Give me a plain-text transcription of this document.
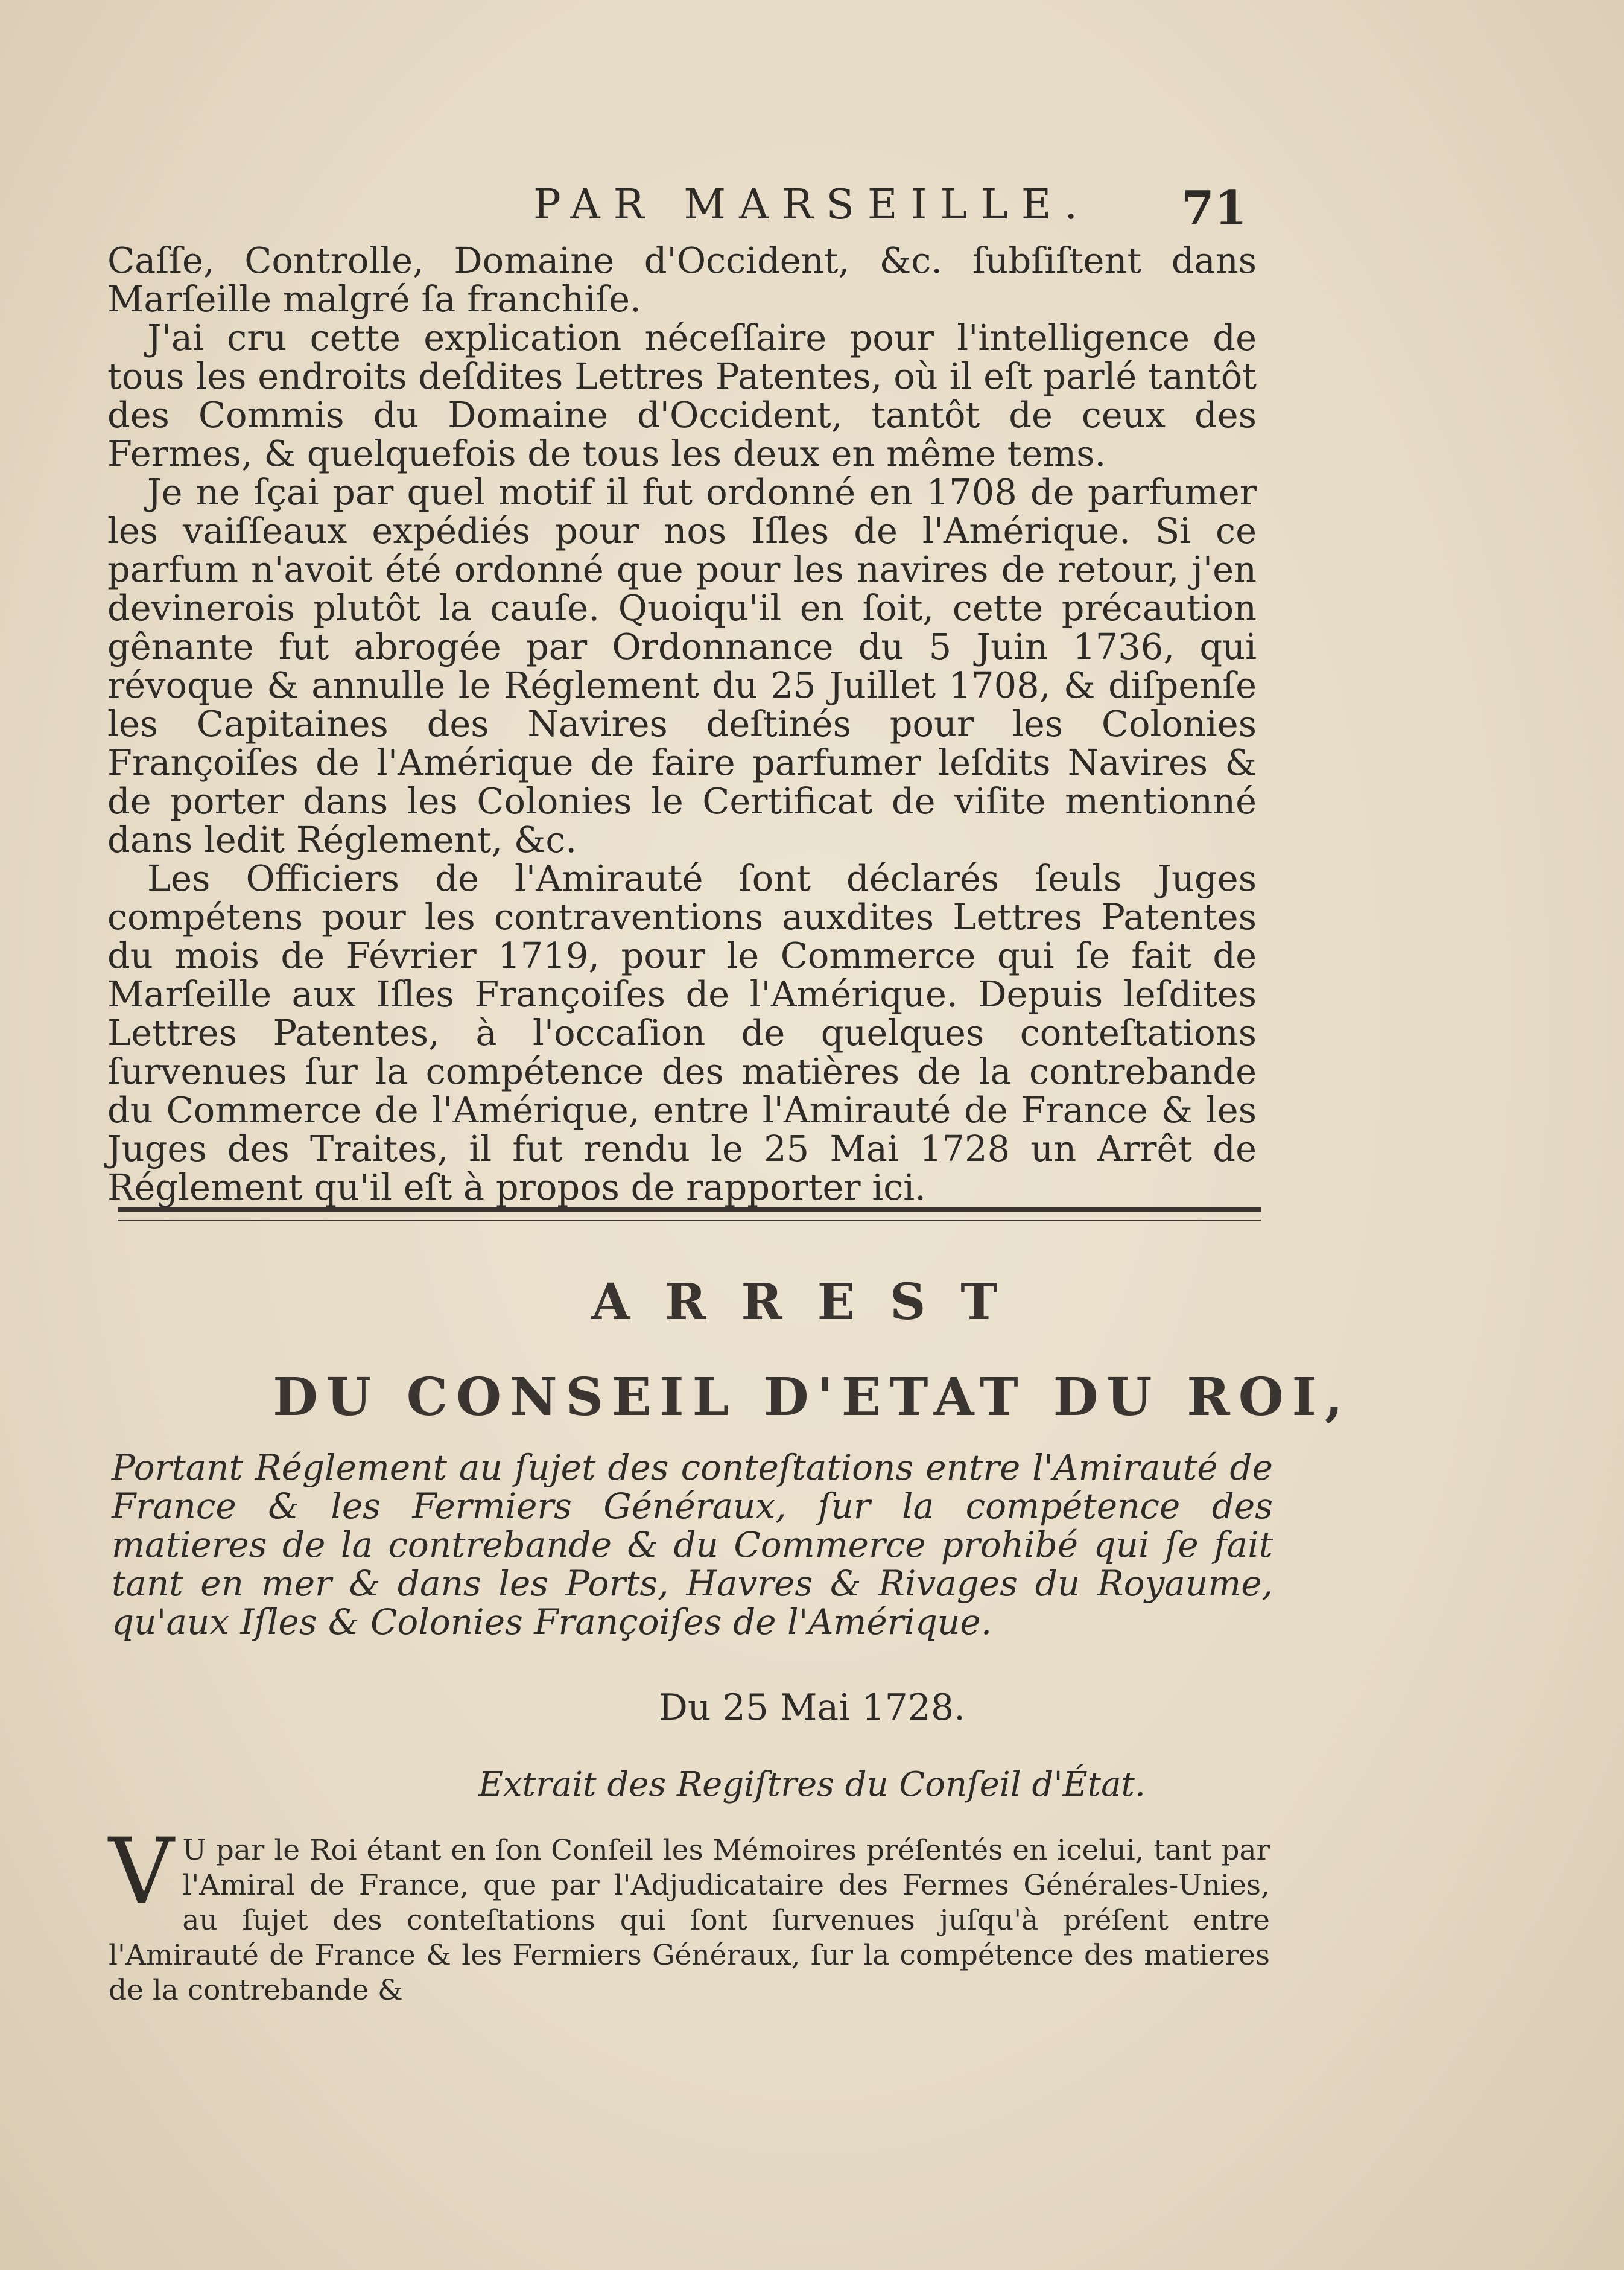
PAR MARSEILLE.	71

Caſſe, Controlle, Domaine d'Occident, &c. ſubſiſtent dans Marſeille malgré ſa franchiſe.

J'ai cru cette explication néceſſaire pour l'intelligence de tous les endroits deſdites Lettres Patentes, où il eſt parlé tantôt des Commis du Domaine d'Occident, tantôt de ceux des Fermes, & quelquefois de tous les deux en même tems.

Je ne ſçai par quel motif il fut ordonné en 1708 de parfumer les vaiſſeaux expédiés pour nos Iſles de l'Amérique. Si ce parfum n'avoit été ordonné que pour les navires de retour, j'en devinerois plutôt la cauſe. Quoiqu'il en ſoit, cette précaution gênante fut abrogée par Ordonnance du 5 Juin 1736, qui révoque & annulle le Réglement du 25 Juillet 1708, & diſpenſe les Capitaines des Navires deſtinés pour les Colonies Françoiſes de l'Amérique de faire parfumer leſdits Navires & de porter dans les Colonies le Certificat de viſite mentionné dans ledit Réglement, &c.

Les Officiers de l'Amirauté ſont déclarés ſeuls Juges compétens pour les contraventions auxdites Lettres Patentes du mois de Février 1719, pour le Commerce qui ſe fait de Marſeille aux Iſles Françoiſes de l'Amérique. Depuis leſdites Lettres Patentes, à l'occaſion de quelques conteſtations ſurvenues ſur la compétence des matières de la contrebande du Commerce de l'Amérique, entre l'Amirauté de France & les Juges des Traites, il fut rendu le 25 Mai 1728 un Arrêt de Réglement qu'il eſt à propos de rapporter ici.

ARREST
DU CONSEIL D'ETAT DU ROI,
Portant Réglement au ſujet des conteſtations entre l'Amirauté de France & les Fermiers Généraux, ſur la compétence des matieres de la contrebande & du Commerce prohibé qui ſe fait tant en mer & dans les Ports, Havres & Rivages du Royaume, qu'aux Iſles & Colonies Françoiſes de l'Amérique.
Du 25 Mai 1728.
Extrait des Regiſtres du Conſeil d'État.
V U par le Roi étant en ſon Conſeil les Mémoires préſentés en icelui, tant par l'Amiral de France, que par l'Adjudicataire des Fermes Générales-Unies, au ſujet des conteſtations qui ſont ſurvenues juſqu'à préſent entre l'Amirauté de France & les Fermiers Généraux, ſur la compétence des matieres de la contrebande &
